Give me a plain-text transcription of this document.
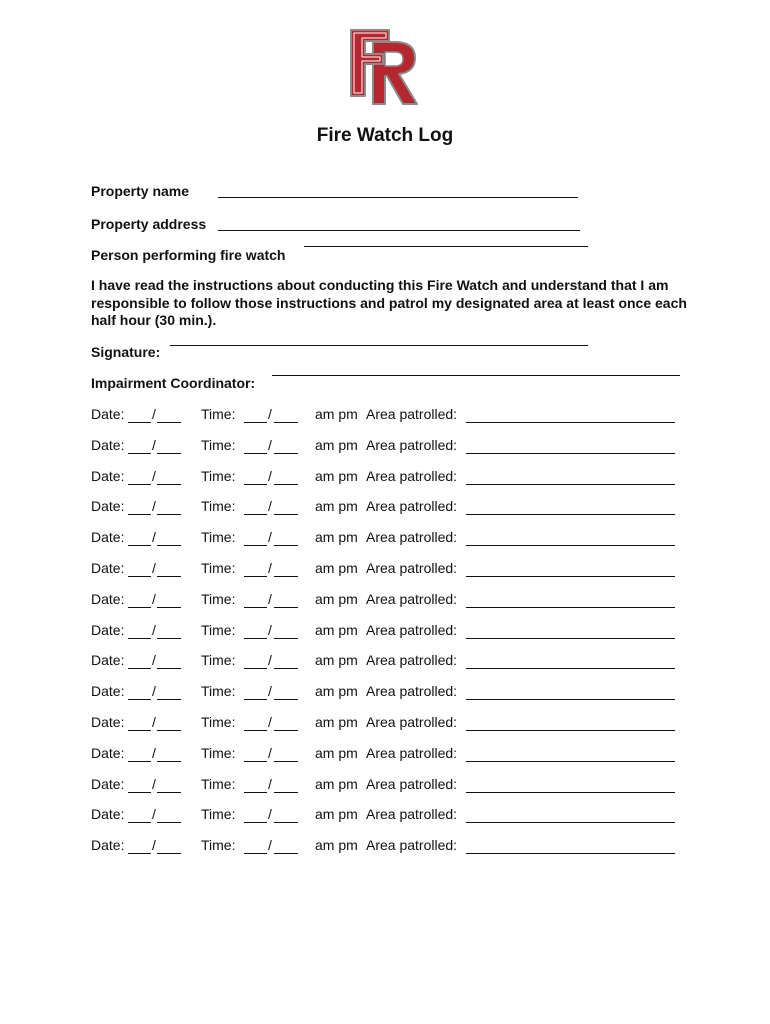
Fire Watch Log
Property name
Property address
Person performing fire watch
I have read the instructions about conducting this Fire Watch and understand that I am responsible to follow those instructions and patrol my designated area at least once each half hour (30 min.).
Signature:
Impairment Coordinator:
Date: /	Time: /	am pm Area patrolled:
Date: /	Time: /	am pm Area patrolled:
Date: /	Time: /	am pm Area patrolled:
Date: /	Time: /	am pm Area patrolled:
Date: /	Time: /	am pm Area patrolled:
Date: /	Time: /	am pm Area patrolled:
Date: /	Time: /	am pm Area patrolled:
Date: /	Time: /	am pm Area patrolled:
Date: /	Time: /	am pm Area patrolled:
Date: /	Time: /	am pm Area patrolled:
Date: /	Time: /	am pm Area patrolled:
Date: /	Time: /	am pm Area patrolled:
Date: /	Time: /	am pm Area patrolled:
Date: /	Time: /	am pm Area patrolled:
Date: /	Time: /	am pm Area patrolled:
